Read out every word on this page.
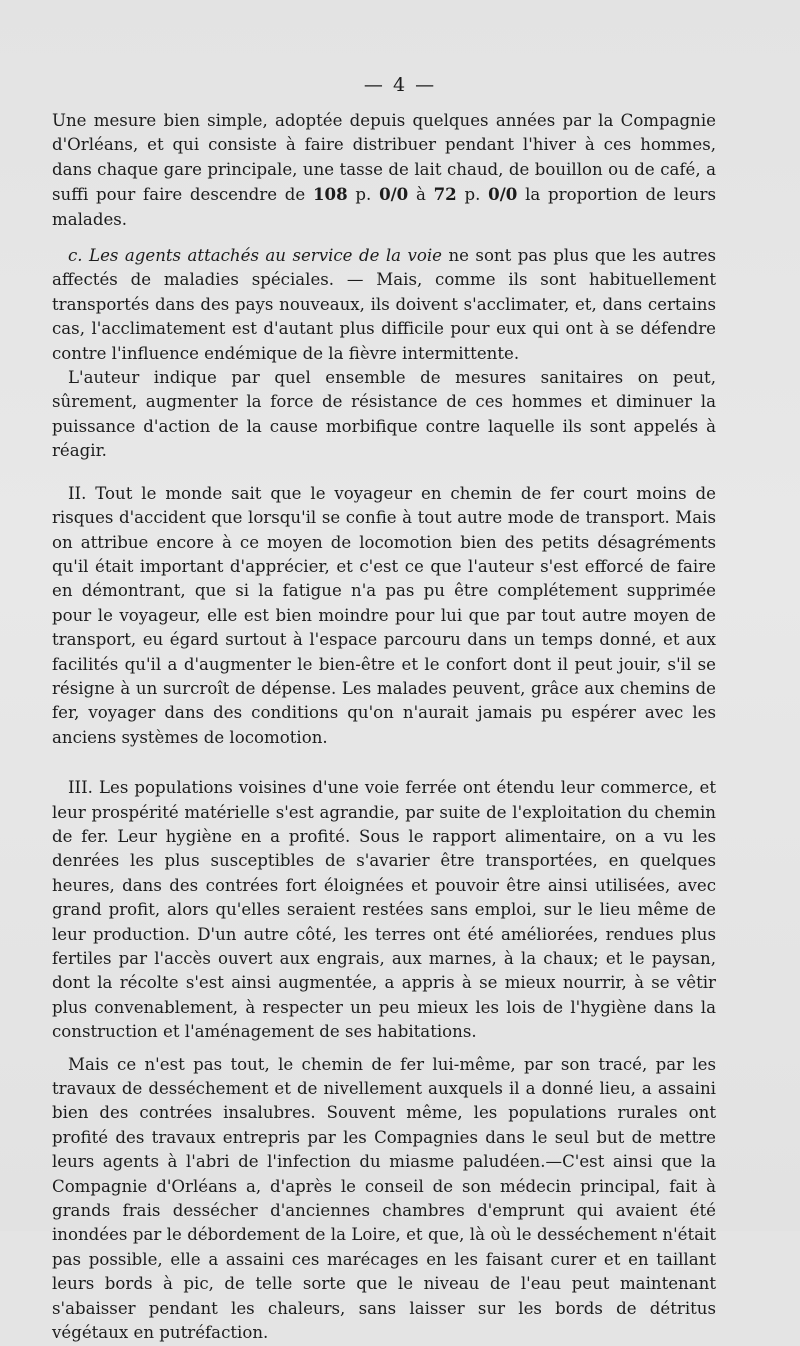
— 4 —

Une mesure bien simple, adoptée depuis quelques années par la Compagnie d'Orléans, et qui consiste à faire distribuer pendant l'hiver à ces hommes, dans chaque gare principale, une tasse de lait chaud, de bouillon ou de café, a suffi pour faire descendre de 108 p. 0/0 à 72 p. 0/0 la proportion de leurs malades.

c. Les agents attachés au service de la voie ne sont pas plus que les autres affectés de maladies spéciales. — Mais, comme ils sont habituellement transportés dans des pays nouveaux, ils doivent s'acclimater, et, dans certains cas, l'acclimatement est d'autant plus difficile pour eux qui ont à se défendre contre l'influence endémique de la fièvre intermittente.

L'auteur indique par quel ensemble de mesures sanitaires on peut, sûrement, augmenter la force de résistance de ces hommes et diminuer la puissance d'action de la cause morbifique contre laquelle ils sont appelés à réagir.

II. Tout le monde sait que le voyageur en chemin de fer court moins de risques d'accident que lorsqu'il se confie à tout autre mode de transport. Mais on attribue encore à ce moyen de locomotion bien des petits désagréments qu'il était important d'apprécier, et c'est ce que l'auteur s'est efforcé de faire en démontrant, que si la fatigue n'a pas pu être complétement supprimée pour le voyageur, elle est bien moindre pour lui que par tout autre moyen de transport, eu égard surtout à l'espace parcouru dans un temps donné, et aux facilités qu'il a d'augmenter le bien-être et le confort dont il peut jouir, s'il se résigne à un surcroît de dépense. Les malades peuvent, grâce aux chemins de fer, voyager dans des conditions qu'on n'aurait jamais pu espérer avec les anciens systèmes de locomotion.

III. Les populations voisines d'une voie ferrée ont étendu leur commerce, et leur prospérité matérielle s'est agrandie, par suite de l'exploitation du chemin de fer. Leur hygiène en a profité. Sous le rapport alimentaire, on a vu les denrées les plus susceptibles de s'avarier être transportées, en quelques heures, dans des contrées fort éloignées et pouvoir être ainsi utilisées, avec grand profit, alors qu'elles seraient restées sans emploi, sur le lieu même de leur production. D'un autre côté, les terres ont été améliorées, rendues plus fertiles par l'accès ouvert aux engrais, aux marnes, à la chaux; et le paysan, dont la récolte s'est ainsi augmentée, a appris à se mieux nourrir, à se vêtir plus convenablement, à respecter un peu mieux les lois de l'hygiène dans la construction et l'aménagement de ses habitations.

Mais ce n'est pas tout, le chemin de fer lui-même, par son tracé, par les travaux de desséchement et de nivellement auxquels il a donné lieu, a assaini bien des contrées insalubres. Souvent même, les populations rurales ont profité des travaux entrepris par les Compagnies dans le seul but de mettre leurs agents à l'abri de l'infection du miasme paludéen.—C'est ainsi que la Compagnie d'Orléans a, d'après le conseil de son médecin principal, fait à grands frais dessécher d'anciennes chambres d'emprunt qui avaient été inondées par le débordement de la Loire, et que, là où le desséchement n'était pas possible, elle a assaini ces marécages en les faisant curer et en taillant leurs bords à pic, de telle sorte que le niveau de l'eau peut maintenant s'abaisser pendant les chaleurs, sans laisser sur les bords de détritus végétaux en putréfaction.
